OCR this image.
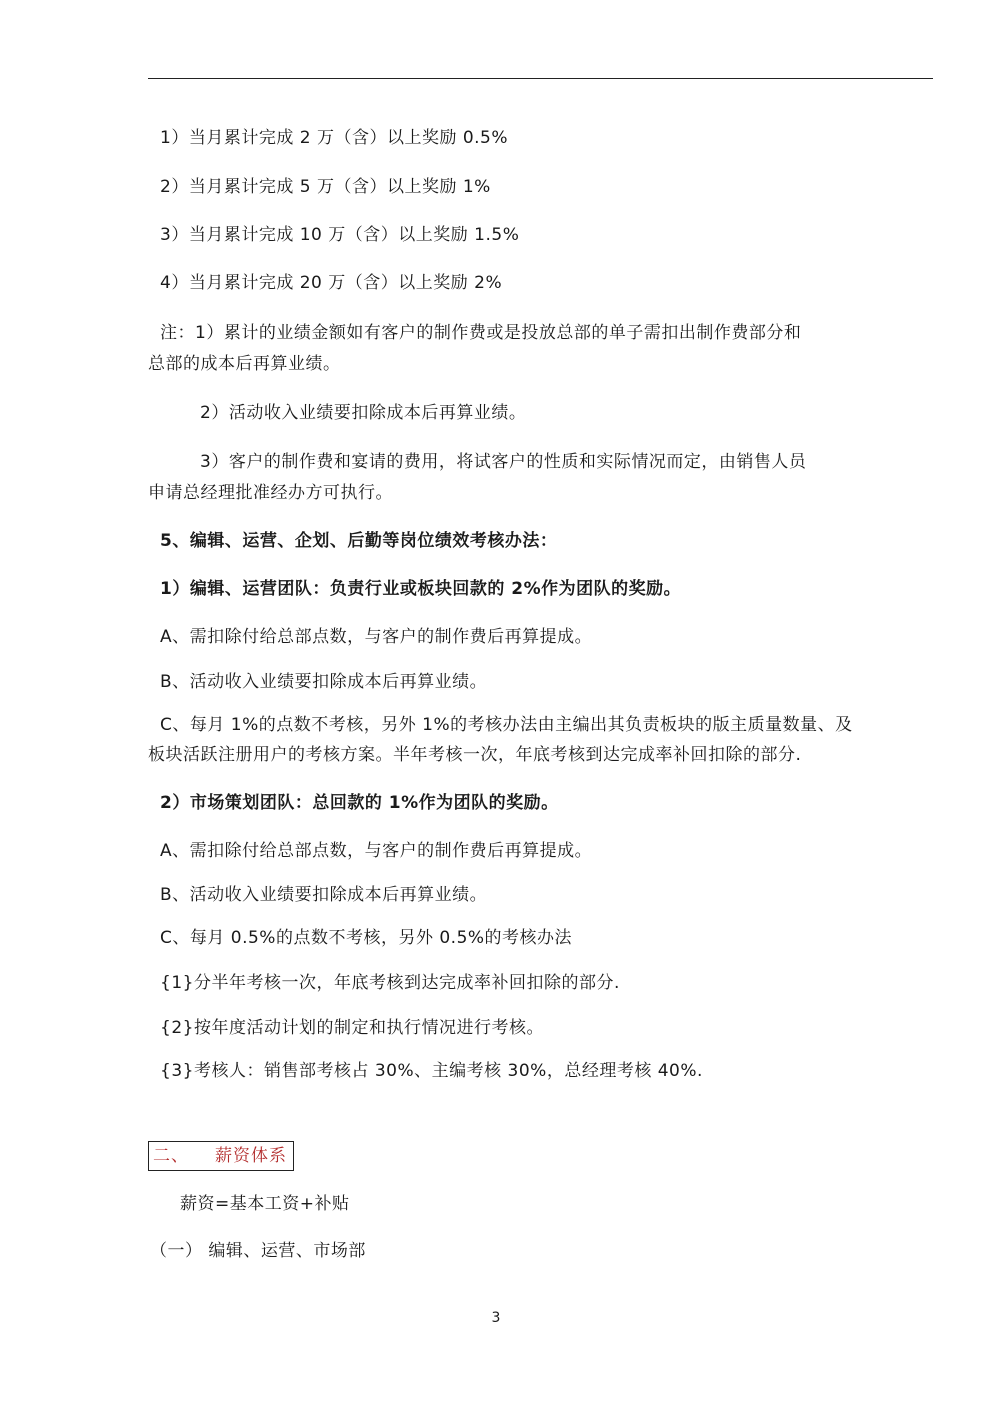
1）当月累计完成 2 万（含）以上奖励 0.5%
2）当月累计完成 5 万（含）以上奖励 1%
3）当月累计完成 10 万（含）以上奖励 1.5%
4）当月累计完成 20 万（含）以上奖励 2%
注：1）累计的业绩金额如有客户的制作费或是投放总部的单子需扣出制作费部分和
总部的成本后再算业绩。
2）活动收入业绩要扣除成本后再算业绩。
3）客户的制作费和宴请的费用，将试客户的性质和实际情况而定，由销售人员
申请总经理批准经办方可执行。
5、编辑、运营、企划、后勤等岗位绩效考核办法：
1）编辑、运营团队：负责行业或板块回款的 2%作为团队的奖励。
A、需扣除付给总部点数，与客户的制作费后再算提成。
B、活动收入业绩要扣除成本后再算业绩。
C、每月 1%的点数不考核，另外 1%的考核办法由主编出其负责板块的版主质量数量、及
板块活跃注册用户的考核方案。半年考核一次，年底考核到达完成率补回扣除的部分.
2）市场策划团队：总回款的 1%作为团队的奖励。
A、需扣除付给总部点数，与客户的制作费后再算提成。
B、活动收入业绩要扣除成本后再算业绩。
C、每月 0.5%的点数不考核，另外 0.5%的考核办法
{1}分半年考核一次，年底考核到达完成率补回扣除的部分.
{2}按年度活动计划的制定和执行情况进行考核。
{3}考核人：销售部考核占 30%、主编考核 30%，总经理考核 40%.
二、 薪资体系
薪资=基本工资+补贴
（一） 编辑、运营、市场部
3
